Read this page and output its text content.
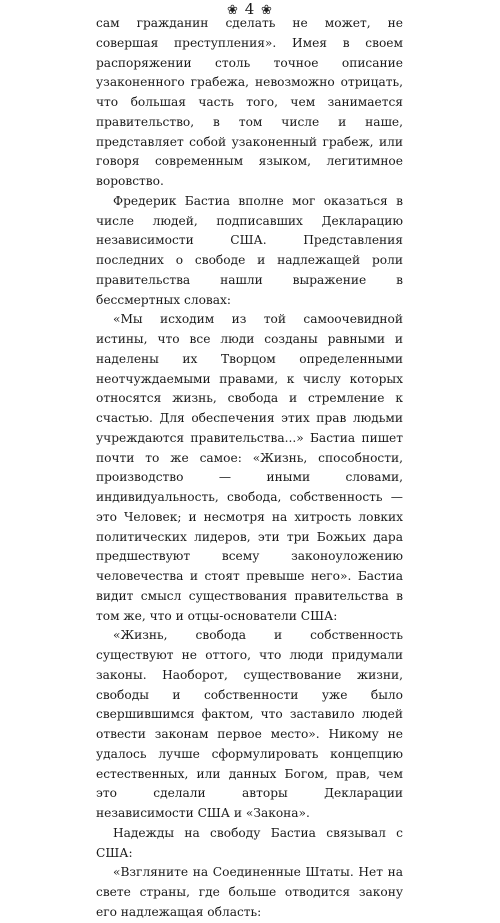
❀ 4 ❀

сам гражданин сделать не может, не совершая преступления». Имея в своем распоряжении столь точное описание узаконенного грабежа, невозможно отрицать, что большая часть того, чем занимается правительство, в том числе и наше, представляет собой узаконенный грабеж, или говоря современным языком, легитимное воровство.

Фредерик Бастиа вполне мог оказаться в числе людей, подписавших Декларацию независимости США. Представления последних о свободе и надлежащей роли правительства нашли выражение в бессмертных словах:

«Мы исходим из той самоочевидной истины, что все люди созданы равными и наделены их Творцом определенными неотчуждаемыми правами, к числу которых относятся жизнь, свобода и стремление к счастью. Для обеспечения этих прав людьми учреждаются правительства...» Бастиа пишет почти то же самое: «Жизнь, способности, производство — иными словами, индивидуальность, свобода, собственность — это Человек; и несмотря на хитрость ловких политических лидеров, эти три Божьих дара предшествуют всему законоуложению человечества и стоят превыше него». Бастиа видит смысл существования правительства в том же, что и отцы-основатели США:

«Жизнь, свобода и собственность существуют не оттого, что люди придумали законы. Наоборот, существование жизни, свободы и собственности уже было свершившимся фактом, что заставило людей отвести законам первое место». Никому не удалось лучше сформулировать концепцию естественных, или данных Богом, прав, чем это сделали авторы Декларации независимости США и «Закона».

Надежды на свободу Бастиа связывал с США:

«Взгляните на Соединенные Штаты. Нет на свете страны, где больше отводится закону его надлежащая область:
